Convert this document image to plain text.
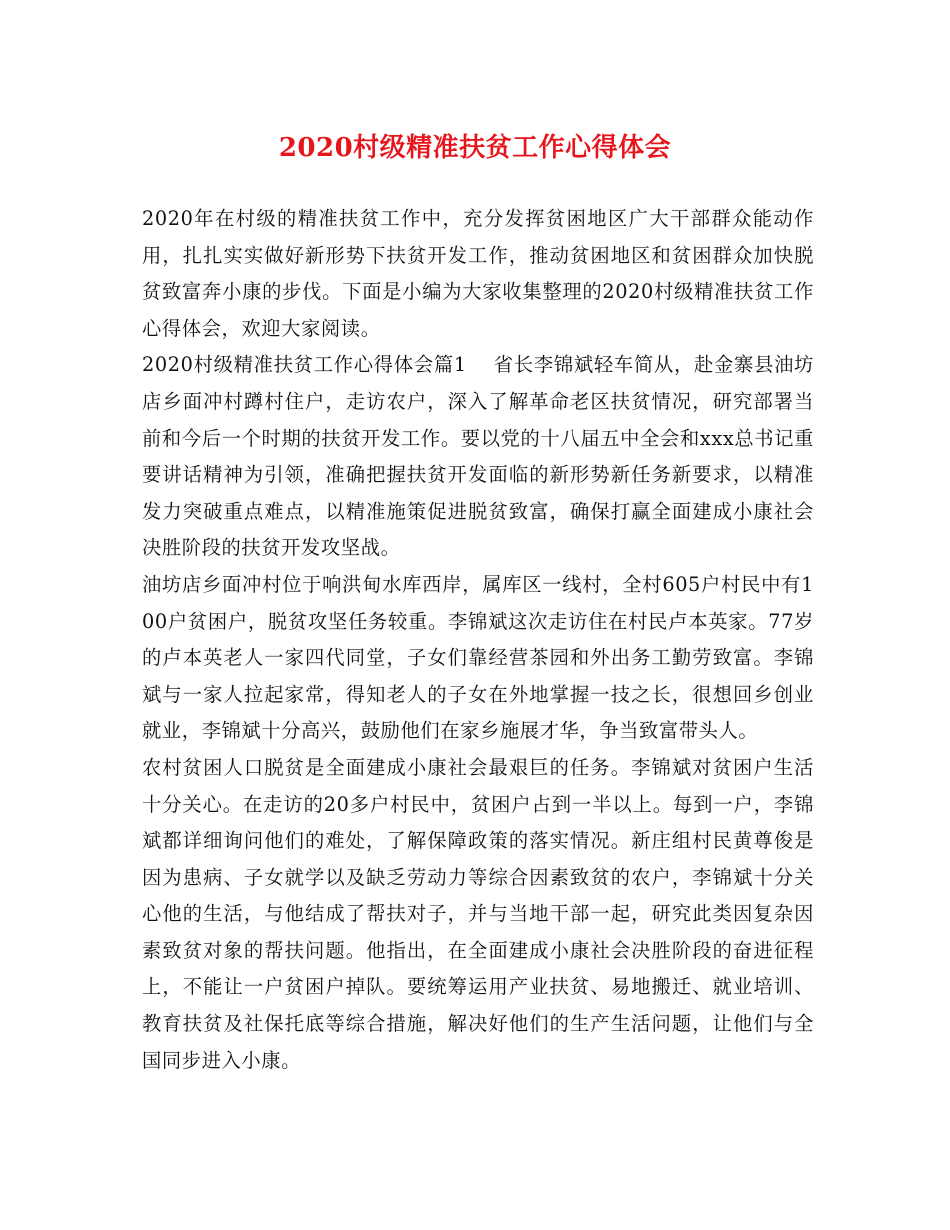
2020村级精准扶贫工作心得体会

2020年在村级的精准扶贫工作中，充分发挥贫困地区广大干部群众能动作用，扎扎实实做好新形势下扶贫开发工作，推动贫困地区和贫困群众加快脱贫致富奔小康的步伐。下面是小编为大家收集整理的2020村级精准扶贫工作心得体会，欢迎大家阅读。

2020村级精准扶贫工作心得体会篇1　 省长李锦斌轻车简从，赴金寨县油坊店乡面冲村蹲村住户，走访农户，深入了解革命老区扶贫情况，研究部署当前和今后一个时期的扶贫开发工作。要以党的十八届五中全会和xxx总书记重要讲话精神为引领，准确把握扶贫开发面临的新形势新任务新要求，以精准发力突破重点难点，以精准施策促进脱贫致富，确保打赢全面建成小康社会决胜阶段的扶贫开发攻坚战。

油坊店乡面冲村位于响洪甸水库西岸，属库区一线村，全村605户村民中有100户贫困户，脱贫攻坚任务较重。李锦斌这次走访住在村民卢本英家。77岁的卢本英老人一家四代同堂，子女们靠经营茶园和外出务工勤劳致富。李锦斌与一家人拉起家常，得知老人的子女在外地掌握一技之长，很想回乡创业就业，李锦斌十分高兴，鼓励他们在家乡施展才华，争当致富带头人。

农村贫困人口脱贫是全面建成小康社会最艰巨的任务。李锦斌对贫困户生活十分关心。在走访的20多户村民中，贫困户占到一半以上。每到一户，李锦斌都详细询问他们的难处，了解保障政策的落实情况。新庄组村民黄尊俊是因为患病、子女就学以及缺乏劳动力等综合因素致贫的农户，李锦斌十分关心他的生活，与他结成了帮扶对子，并与当地干部一起，研究此类因复杂因素致贫对象的帮扶问题。他指出，在全面建成小康社会决胜阶段的奋进征程上，不能让一户贫困户掉队。要统筹运用产业扶贫、易地搬迁、就业培训、教育扶贫及社保托底等综合措施，解决好他们的生产生活问题，让他们与全国同步进入小康。
